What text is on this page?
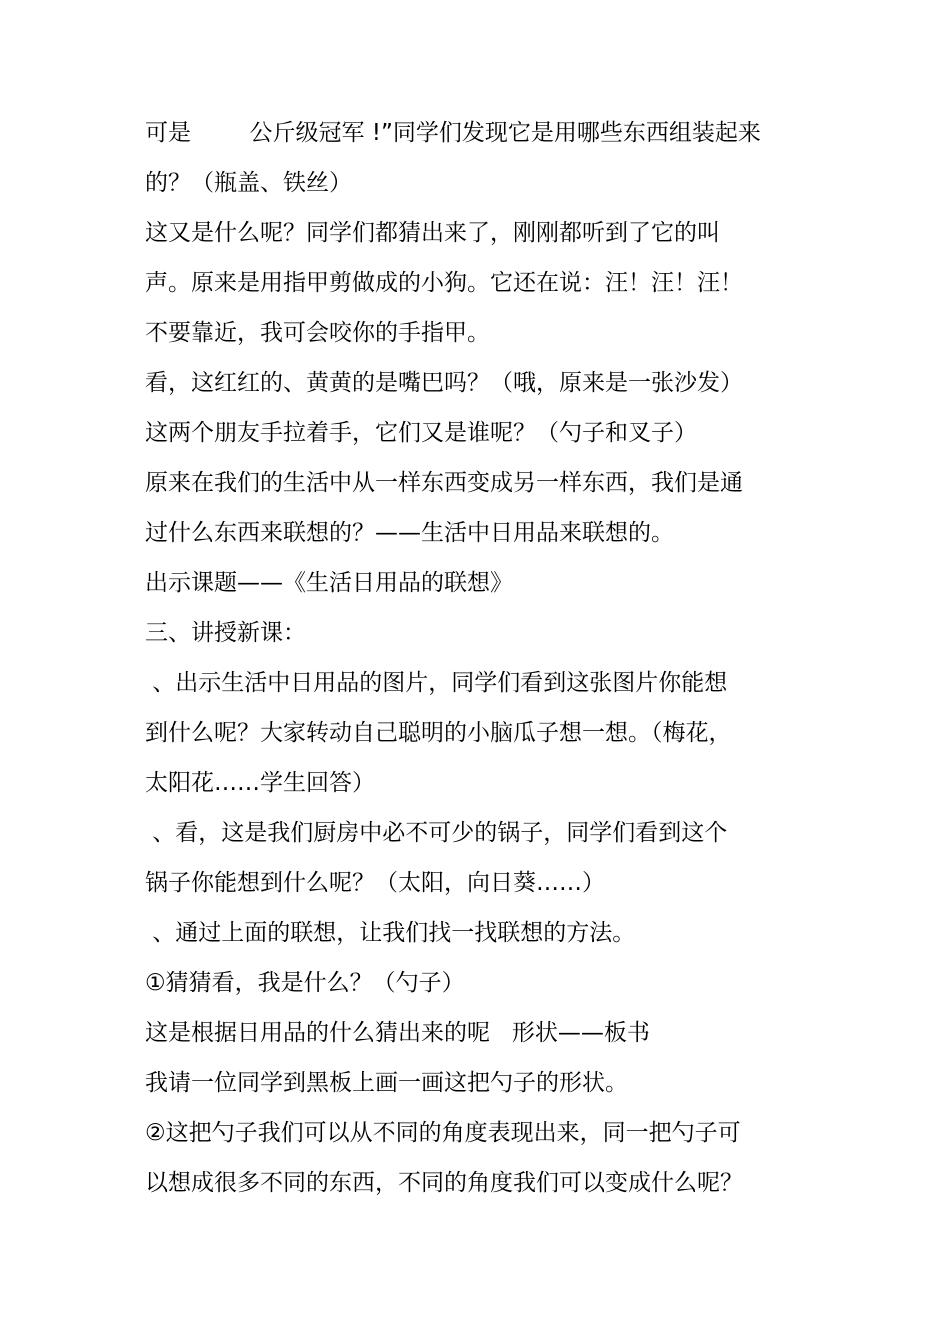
可是        公斤级冠军 !”同学们发现它是用哪些东西组装起来
的？（瓶盖、铁丝）
这又是什么呢？同学们都猜出来了，刚刚都听到了它的叫
声。原来是用指甲剪做成的小狗。它还在说：汪！汪！汪！
不要靠近，我可会咬你的手指甲。
看，这红红的、黄黄的是嘴巴吗？（哦，原来是一张沙发）
这两个朋友手拉着手，它们又是谁呢？（勺子和叉子）
原来在我们的生活中从一样东西变成另一样东西，我们是通
过什么东西来联想的？——生活中日用品来联想的。
出示课题——《生活日用品的联想》
三、讲授新课：
、出示生活中日用品的图片，同学们看到这张图片你能想
到什么呢？大家转动自己聪明的小脑瓜子想一想。（梅花，
太阳花……学生回答）
、看，这是我们厨房中必不可少的锅子，同学们看到这个
锅子你能想到什么呢？（太阳，向日葵……）
、通过上面的联想，让我们找一找联想的方法。
①猜猜看，我是什么？（勺子）
这是根据日用品的什么猜出来的呢   形状——板书
我请一位同学到黑板上画一画这把勺子的形状。
②这把勺子我们可以从不同的角度表现出来，同一把勺子可
以想成很多不同的东西，不同的角度我们可以变成什么呢？
